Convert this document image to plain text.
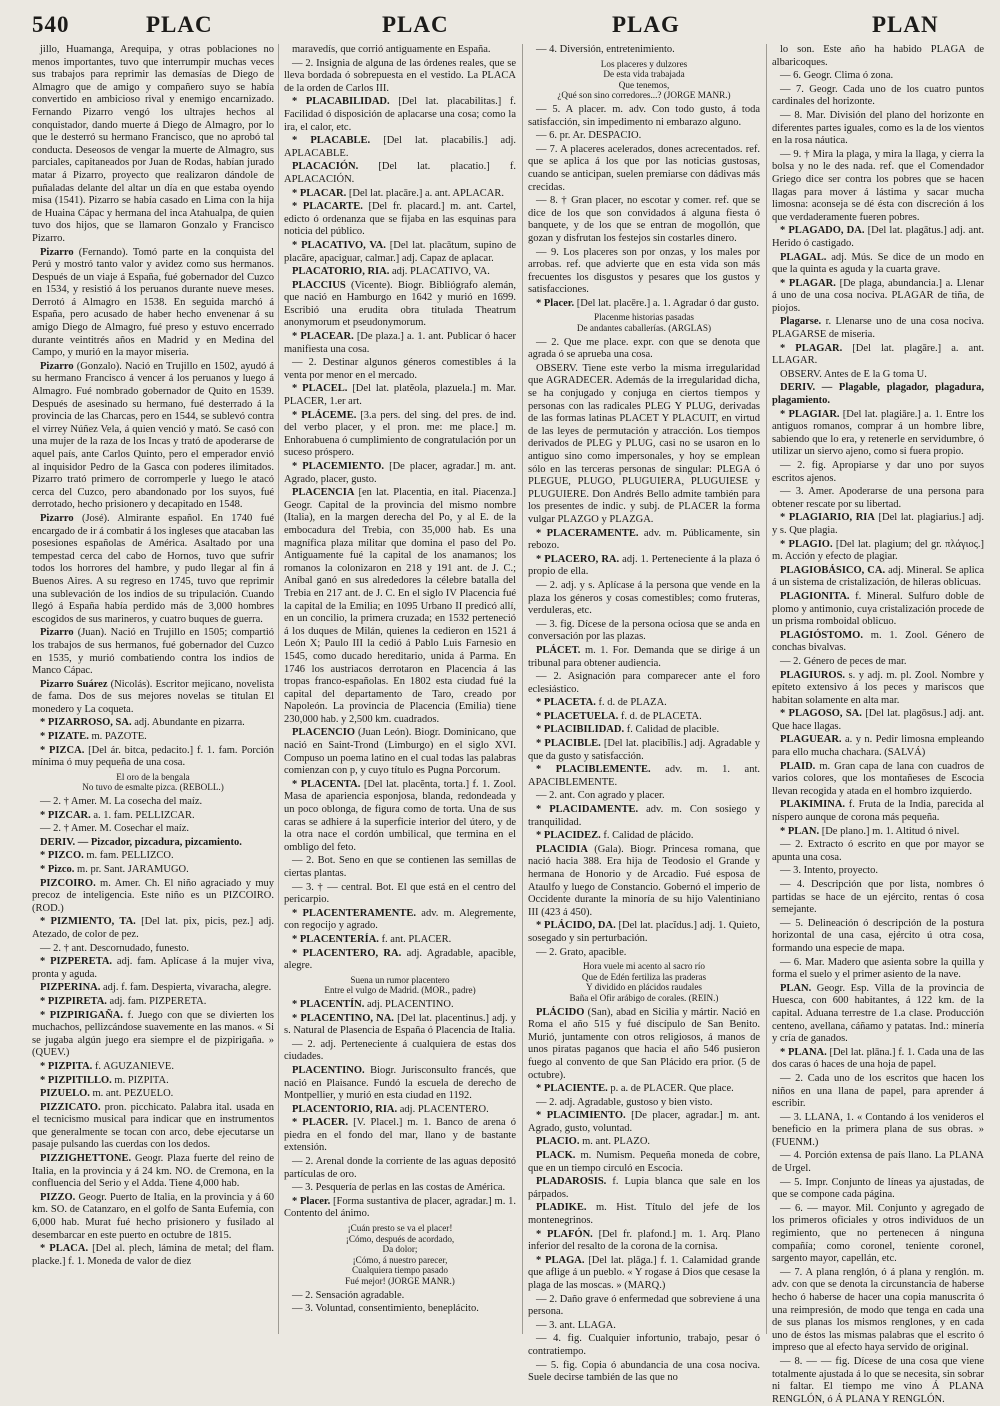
540	PLAC	PLAC	PLAG	PLAN

jillo, Huamanga, Arequipa, y otras poblaciones no menos importantes, tuvo que interrumpir muchas veces sus trabajos para reprimir las demasías de Diego de Almagro que de amigo y compañero suyo se había convertido en ambicioso rival y enemigo encarnizado. Fernando Pizarro vengó los ultrajes hechos al conquistador, dando muerte á Diego de Almagro, por lo que le desterró su hermano Francisco, que no aprobó tal conducta. Deseosos de vengar la muerte de Almagro, sus parciales, capitaneados por Juan de Rodas, habían jurado matar á Pizarro, proyecto que realizaron dándole de puñaladas delante del altar un día en que estaba oyendo misa (1541). Pizarro se había casado en Lima con la hija de Huaina Cápac y hermana del inca Atahualpa, de quien tuvo dos hijos, que se llamaron Gonzalo y Francisco Pizarro.

Pizarro (Fernando). Tomó parte en la conquista del Perú y mostró tanto valor y avidez como sus hermanos. Después de un viaje á España, fué gobernador del Cuzco en 1534, y resistió á los peruanos durante nueve meses. Derrotó á Almagro en 1538. En seguida marchó á España, pero acusado de haber hecho envenenar á su amigo Diego de Almagro, fué preso y estuvo encerrado durante veintitrés años en Madrid y en Medina del Campo, y murió en la mayor miseria.

Pizarro (Gonzalo). Nació en Trujillo en 1502, ayudó á su hermano Francisco á vencer á los peruanos y luego á Almagro. Fué nombrado gobernador de Quito en 1539. Después de asesinado su hermano, fué desterrado á la provincia de las Charcas, pero en 1544, se sublevó contra el virrey Núñez Vela, á quien venció y mató. Se casó con una mujer de la raza de los Incas y trató de apoderarse de aquel país, ante Carlos Quinto, pero el emperador envió al inquisidor Pedro de la Gasca con poderes ilimitados. Pizarro trató primero de corromperle y luego le atacó cerca del Cuzco, pero abandonado por los suyos, fué derrotado, hecho prisionero y decapitado en 1548.

Pizarro (José). Almirante español. En 1740 fué encargado de ir á combatir á los ingleses que atacaban las posesiones españolas de América. Asaltado por una tempestad cerca del cabo de Hornos, tuvo que sufrir todos los horrores del hambre, y pudo llegar al fin á Buenos Aires. A su regreso en 1745, tuvo que reprimir una sublevación de los indios de su tripulación. Cuando llegó á España había perdido más de 3,000 hombres escogidos de sus marineros, y cuatro buques de guerra.

Pizarro (Juan). Nació en Trujillo en 1505; compartió los trabajos de sus hermanos, fué gobernador del Cuzco en 1535, y murió combatiendo contra los indios de Manco Cápac.

Pizarro Suárez (Nicolás). Escritor mejicano, novelista de fama. Dos de sus mejores novelas se titulan El monedero y La coqueta.

* PIZARROSO, SA. adj. Abundante en pizarra.

* PIZATE. m. PAZOTE.

* PIZCA. [Del ár. bitca, pedacito.] f. 1. fam. Porción mínima ó muy pequeña de una cosa.

El oro de la bengala
No tuvo de esmalte pizca. (REBOLL.)

— 2. † Amer. M. La cosecha del maíz.

* PIZCAR. a. 1. fam. PELLIZCAR.

— 2. † Amer. M. Cosechar el maíz.

DERIV. — Pizcador, pizcadura, pizcamiento.

* PIZCO. m. fam. PELLIZCO.

* Pizco. m. pr. Sant. JARAMUGO.

PIZCOIRO. m. Amer. Ch. El niño agraciado y muy precoz de inteligencia. Este niño es un PIZCOIRO. (ROD.)

* PIZMIENTO, TA. [Del lat. pix, picis, pez.] adj. Atezado, de color de pez.

— 2. † ant. Descornudado, funesto.

* PIZPERETA. adj. fam. Aplícase á la mujer viva, pronta y aguda.

PIZPERINA. adj. f. fam. Despierta, vivaracha, alegre.

* PIZPIRETA. adj. fam. PIZPERETA.

* PIZPIRIGAÑA. f. Juego con que se divierten los muchachos, pellizcándose suavemente en las manos. « Si se jugaba algún juego era siempre el de pizpirigaña. » (QUEV.)

* PIZPITA. f. AGUZANIEVE.

* PIZPITILLO. m. PIZPITA.

PIZUELO. m. ant. PEZUELO.

PIZZICATO. pron. picchicato. Palabra ital. usada en el tecnicismo musical para indicar que en instrumentos que generalmente se tocan con arco, debe ejecutarse un pasaje pulsando las cuerdas con los dedos.

PIZZIGHETTONE. Geogr. Plaza fuerte del reino de Italia, en la provincia y á 24 km. NO. de Cremona, en la confluencia del Serio y el Adda. Tiene 4,000 hab.

PIZZO. Geogr. Puerto de Italia, en la provincia y á 60 km. SO. de Catanzaro, en el golfo de Santa Eufemia, con 6,000 hab. Murat fué hecho prisionero y fusilado al desembarcar en este puerto en octubre de 1815.

* PLACA. [Del al. plech, lámina de metal; del flam. placke.] f. 1. Moneda de valor de diez

maravedís, que corrió antiguamente en España.

— 2. Insignia de alguna de las órdenes reales, que se lleva bordada ó sobrepuesta en el vestido. La PLACA de la orden de Carlos III.

* PLACABILIDAD. [Del lat. placabilitas.] f. Facilidad ó disposición de aplacarse una cosa; como la ira, el calor, etc.

* PLACABLE. [Del lat. placabilis.] adj. APLACABLE.

PLACACIÓN. [Del lat. placatio.] f. APLACACIÓN.

* PLACAR. [Del lat. placāre.] a. ant. APLACAR.

* PLACARTE. [Del fr. placard.] m. ant. Cartel, edicto ó ordenanza que se fijaba en las esquinas para noticia del público.

* PLACATIVO, VA. [Del lat. placātum, supino de placāre, apaciguar, calmar.] adj. Capaz de aplacar.

PLACATORIO, RIA. adj. PLACATIVO, VA.

PLACCIUS (Vicente). Biogr. Bibliógrafo alemán, que nació en Hamburgo en 1642 y murió en 1699. Escribió una erudita obra titulada Theatrum anonymorum et pseudonymorum.

* PLACEAR. [De plaza.] a. 1. ant. Publicar ó hacer manifiesta una cosa.

— 2. Destinar algunos géneros comestibles á la venta por menor en el mercado.

* PLACEL. [Del lat. platĕola, plazuela.] m. Mar. PLACER, 1.er art.

* PLÁCEME. [3.a pers. del sing. del pres. de ind. del verbo placer, y el pron. me: me place.] m. Enhorabuena ó cumplimiento de congratulación por un suceso próspero.

* PLACEMIENTO. [De placer, agradar.] m. ant. Agrado, placer, gusto.

PLACENCIA [en lat. Placentia, en ital. Piacenza.] Geogr. Capital de la provincia del mismo nombre (Italia), en la margen derecha del Po, y al E. de la embocadura del Trebia, con 35,000 hab. Es una magnífica plaza militar que domina el paso del Po. Antiguamente fué la capital de los anamanos; los romanos la colonizaron en 218 y 191 ant. de J. C.; Aníbal ganó en sus alrededores la célebre batalla del Trebia en 217 ant. de J. C. En el siglo IV Placencia fué la capital de la Emilia; en 1095 Urbano II predicó allí, en un concilio, la primera cruzada; en 1532 perteneció á los duques de Milán, quienes la cedieron en 1521 á León X; Paulo III la cedió á Pablo Luis Farnesio en 1545, como ducado hereditario, unida á Parma. En 1746 los austriacos derrotaron en Placencia á las tropas franco-españolas. En 1802 esta ciudad fué la capital del departamento de Taro, creado por Napoleón. La provincia de Placencia (Emilia) tiene 230,000 hab. y 2,500 km. cuadrados.

PLACENCIO (Juan León). Biogr. Dominicano, que nació en Saint-Trond (Limburgo) en el siglo XVI. Compuso un poema latino en el cual todas las palabras comienzan con p, y cuyo título es Pugna Porcorum.

* PLACENTA. [Del lat. placĕnta, torta.] f. 1. Zool. Masa de apariencia esponjosa, blanda, redondeada y un poco oblonga, de figura como de torta. Una de sus caras se adhiere á la superficie interior del útero, y de la otra nace el cordón umbilical, que termina en el ombligo del feto.

— 2. Bot. Seno en que se contienen las semillas de ciertas plantas.

— 3. † — central. Bot. El que está en el centro del pericarpio.

* PLACENTERAMENTE. adv. m. Alegremente, con regocijo y agrado.

* PLACENTERÍA. f. ant. PLACER.

* PLACENTERO, RA. adj. Agradable, apacible, alegre.

Suena un rumor placentero
Entre el vulgo de Madrid. (MOR., padre)

* PLACENTÍN. adj. PLACENTINO.

* PLACENTINO, NA. [Del lat. placentinus.] adj. y s. Natural de Plasencia de España ó Placencia de Italia.

— 2. adj. Perteneciente á cualquiera de estas dos ciudades.

PLACENTINO. Biogr. Jurisconsulto francés, que nació en Plaisance. Fundó la escuela de derecho de Montpellier, y murió en esta ciudad en 1192.

PLACENTORIO, RIA. adj. PLACENTERO.

* PLACER. [V. Placel.] m. 1. Banco de arena ó piedra en el fondo del mar, llano y de bastante extensión.

— 2. Arenal donde la corriente de las aguas depositó partículas de oro.

— 3. Pesquería de perlas en las costas de América.

* Placer. [Forma sustantiva de placer, agradar.] m. 1. Contento del ánimo.

¡Cuán presto se va el placer!
¡Cómo, después de acordado,
Da dolor;
¡Cómo, á nuestro parecer,
Cualquiera tiempo pasado
Fué mejor! (JORGE MANR.)

— 2. Sensación agradable.

— 3. Voluntad, consentimiento, beneplácito.

— 4. Diversión, entretenimiento.

Los placeres y dulzores
De esta vida trabajada
Que tenemos,
¿Qué son sino corredores...? (JORGE MANR.)

— 5. A placer. m. adv. Con todo gusto, á toda satisfacción, sin impedimento ni embarazo alguno.

— 6. pr. Ar. DESPACIO.

— 7. A placeres acelerados, dones acrecentados. ref. que se aplica á los que por las noticias gustosas, cuando se anticipan, suelen premiarse con dádivas más crecidas.

— 8. † Gran placer, no escotar y comer. ref. que se dice de los que son convidados á alguna fiesta ó banquete, y de los que se entran de mogollón, que gozan y disfrutan los festejos sin costarles dinero.

— 9. Los placeres son por onzas, y los males por arrobas. ref. que advierte que en esta vida son más frecuentes los disgustos y pesares que los gustos y satisfacciones.

* Placer. [Del lat. placēre.] a. 1. Agradar ó dar gusto.

Placenme historias pasadas
De andantes caballerías. (ARGLAS)

— 2. Que me place. expr. con que se denota que agrada ó se aprueba una cosa.

OBSERV. Tiene este verbo la misma irregularidad que AGRADECER. Además de la irregularidad dicha, se ha conjugado y conjuga en ciertos tiempos y personas con las radicales PLEG Y PLUG, derivadas de las formas latinas PLACET Y PLACUIT, en virtud de las leyes de permutación y atracción. Los tiempos derivados de PLEG y PLUG, casi no se usaron en lo antiguo sino como impersonales, y hoy se emplean sólo en las terceras personas de singular: PLEGA ó PLEGUE, PLUGO, PLUGUIERA, PLUGUIESE y PLUGUIERE. Don Andrés Bello admite también para los presentes de indic. y subj. de PLACER la forma vulgar PLAZGO y PLAZGA.

* PLACERAMENTE. adv. m. Públicamente, sin rebozo.

* PLACERO, RA. adj. 1. Perteneciente á la plaza ó propio de ella.

— 2. adj. y s. Aplícase á la persona que vende en la plaza los géneros y cosas comestibles; como fruteras, verduleras, etc.

— 3. fig. Dícese de la persona ociosa que se anda en conversación por las plazas.

PLÁCET. m. 1. For. Demanda que se dirige á un tribunal para obtener audiencia.

— 2. Asignación para comparecer ante el foro eclesiástico.

* PLACETA. f. d. de PLAZA.

* PLACETUELA. f. d. de PLACETA.

* PLACIBILIDAD. f. Calidad de placible.

* PLACIBLE. [Del lat. placibĭlis.] adj. Agradable y que da gusto y satisfacción.

* PLACIBLEMENTE. adv. m. 1. ant. APACIBLEMENTE.

— 2. ant. Con agrado y placer.

* PLACIDAMENTE. adv. m. Con sosiego y tranquilidad.

* PLACIDEZ. f. Calidad de plácido.

PLACIDIA (Gala). Biogr. Princesa romana, que nació hacia 388. Era hija de Teodosio el Grande y hermana de Honorio y de Arcadio. Fué esposa de Ataulfo y luego de Constancio. Gobernó el imperio de Occidente durante la minoría de su hijo Valentiniano III (423 á 450).

* PLÁCIDO, DA. [Del lat. placĭdus.] adj. 1. Quieto, sosegado y sin perturbación.

— 2. Grato, apacible.

Hora vuele mi acento al sacro río
Que de Edén fertiliza las praderas
Y dividido en plácidos raudales
Baña el Ofir arábigo de corales. (REIN.)

PLÁCIDO (San), abad en Sicilia y mártir. Nació en Roma el año 515 y fué discípulo de San Benito. Murió, juntamente con otros religiosos, á manos de unos piratas paganos que hacia el año 546 pusieron fuego al convento de que San Plácido era prior. (5 de octubre).

* PLACIENTE. p. a. de PLACER. Que place.

— 2. adj. Agradable, gustoso y bien visto.

* PLACIMIENTO. [De placer, agradar.] m. ant. Agrado, gusto, voluntad.

PLACIO. m. ant. PLAZO.

PLACK. m. Numism. Pequeña moneda de cobre, que en un tiempo circuló en Escocia.

PLADAROSIS. f. Lupia blanca que sale en los párpados.

PLADIKE. m. Hist. Título del jefe de los montenegrinos.

* PLAFÓN. [Del fr. plafond.] m. 1. Arq. Plano inferior del resalto de la corona de la cornisa.

* PLAGA. [Del lat. plāga.] f. 1. Calamidad grande que aflige á un pueblo. « Y rogase á Dios que cesase la plaga de las moscas. » (MARQ.)

— 2. Daño grave ó enfermedad que sobreviene á una persona.

— 3. ant. LLAGA.

— 4. fig. Cualquier infortunio, trabajo, pesar ó contratiempo.

— 5. fig. Copia ó abundancia de una cosa nociva. Suele decirse también de las que no

lo son. Este año ha habido PLAGA de albaricoques.

— 6. Geogr. Clima ó zona.

— 7. Geogr. Cada uno de los cuatro puntos cardinales del horizonte.

— 8. Mar. División del plano del horizonte en diferentes partes iguales, como es la de los vientos en la rosa náutica.

— 9. † Mira la plaga, y mira la llaga, y cierra la bolsa y no le des nada. ref. que el Comendador Griego dice ser contra los pobres que se hacen llagas para mover á lástima y sacar mucha limosna: aconseja se dé ésta con discreción á los que verdaderamente fueren pobres.

* PLAGADO, DA. [Del lat. plagātus.] adj. ant. Herido ó castigado.

PLAGAL. adj. Mús. Se dice de un modo en que la quinta es aguda y la cuarta grave.

* PLAGAR. [De plaga, abundancia.] a. Llenar á uno de una cosa nociva. PLAGAR de tiña, de piojos.

Plagarse. r. Llenarse uno de una cosa nociva. PLAGARSE de miseria.

* PLAGAR. [Del lat. plagāre.] a. ant. LLAGAR.

OBSERV. Antes de E la G toma U.

DERIV. — Plagable, plagador, plagadura, plagamiento.

* PLAGIAR. [Del lat. plagiāre.] a. 1. Entre los antiguos romanos, comprar á un hombre libre, sabiendo que lo era, y retenerle en servidumbre, ó utilizar un siervo ajeno, como si fuera propio.

— 2. fig. Apropiarse y dar uno por suyos escritos ajenos.

— 3. Amer. Apoderarse de una persona para obtener rescate por su libertad.

* PLAGIARIO, RIA [Del lat. plagiarius.] adj. y s. Que plagia.

* PLAGIO. [Del lat. plagium; del gr. πλάγιος.] m. Acción y efecto de plagiar.

PLAGIOBÁSICO, CA. adj. Mineral. Se aplica á un sistema de cristalización, de hileras oblicuas.

PLAGIONITA. f. Mineral. Sulfuro doble de plomo y antimonio, cuya cristalización procede de un prisma romboidal oblicuo.

PLAGIÓSTOMO. m. 1. Zool. Género de conchas bivalvas.

— 2. Género de peces de mar.

PLAGIUROS. s. y adj. m. pl. Zool. Nombre y epíteto extensivo á los peces y mariscos que habitan solamente en alta mar.

* PLAGOSO, SA. [Del lat. plagōsus.] adj. ant. Que hace llagas.

PLAGUEAR. a. y n. Pedir limosna empleando para ello mucha chachara. (SALVÁ)

PLAID. m. Gran capa de lana con cuadros de varios colores, que los montañeses de Escocia llevan recogida y atada en el hombro izquierdo.

PLAKIMINA. f. Fruta de la India, parecida al níspero aunque de corona más pequeña.

* PLAN. [De plano.] m. 1. Altitud ó nivel.

— 2. Extracto ó escrito en que por mayor se apunta una cosa.

— 3. Intento, proyecto.

— 4. Descripción que por lista, nombres ó partidas se hace de un ejército, rentas ó cosa semejante.

— 5. Delineación ó descripción de la postura horizontal de una casa, ejército ú otra cosa, formando una especie de mapa.

— 6. Mar. Madero que asienta sobre la quilla y forma el suelo y el primer asiento de la nave.

PLAN. Geogr. Esp. Villa de la provincia de Huesca, con 600 habitantes, á 122 km. de la capital. Aduana terrestre de 1.a clase. Producción centeno, avellana, cáñamo y patatas. Ind.: minería y cría de ganados.

* PLANA. [Del lat. plāna.] f. 1. Cada una de las dos caras ó haces de una hoja de papel.

— 2. Cada uno de los escritos que hacen los niños en una llana de papel, para aprender á escribir.

— 3. LLANA, 1. « Contando á los venideros el beneficio en la primera plana de sus obras. » (FUENM.)

— 4. Porción extensa de país llano. La PLANA de Urgel.

— 5. Impr. Conjunto de líneas ya ajustadas, de que se compone cada página.

— 6. — mayor. Mil. Conjunto y agregado de los primeros oficiales y otros individuos de un regimiento, que no pertenecen á ninguna compañía; como coronel, teniente coronel, sargento mayor, capellán, etc.

— 7. A plana renglón, ó á plana y renglón. m. adv. con que se denota la circunstancia de haberse hecho ó haberse de hacer una copia manuscrita ó una reimpresión, de modo que tenga en cada una de sus planas los mismos renglones, y en cada uno de éstos las mismas palabras que el escrito ó impreso que al efecto haya servido de original.

— 8. — — fig. Dícese de una cosa que viene totalmente ajustada á lo que se necesita, sin sobrar ni faltar. El tiempo me vino Á PLANA RENGLÓN, ó Á PLANA Y RENGLÓN.
